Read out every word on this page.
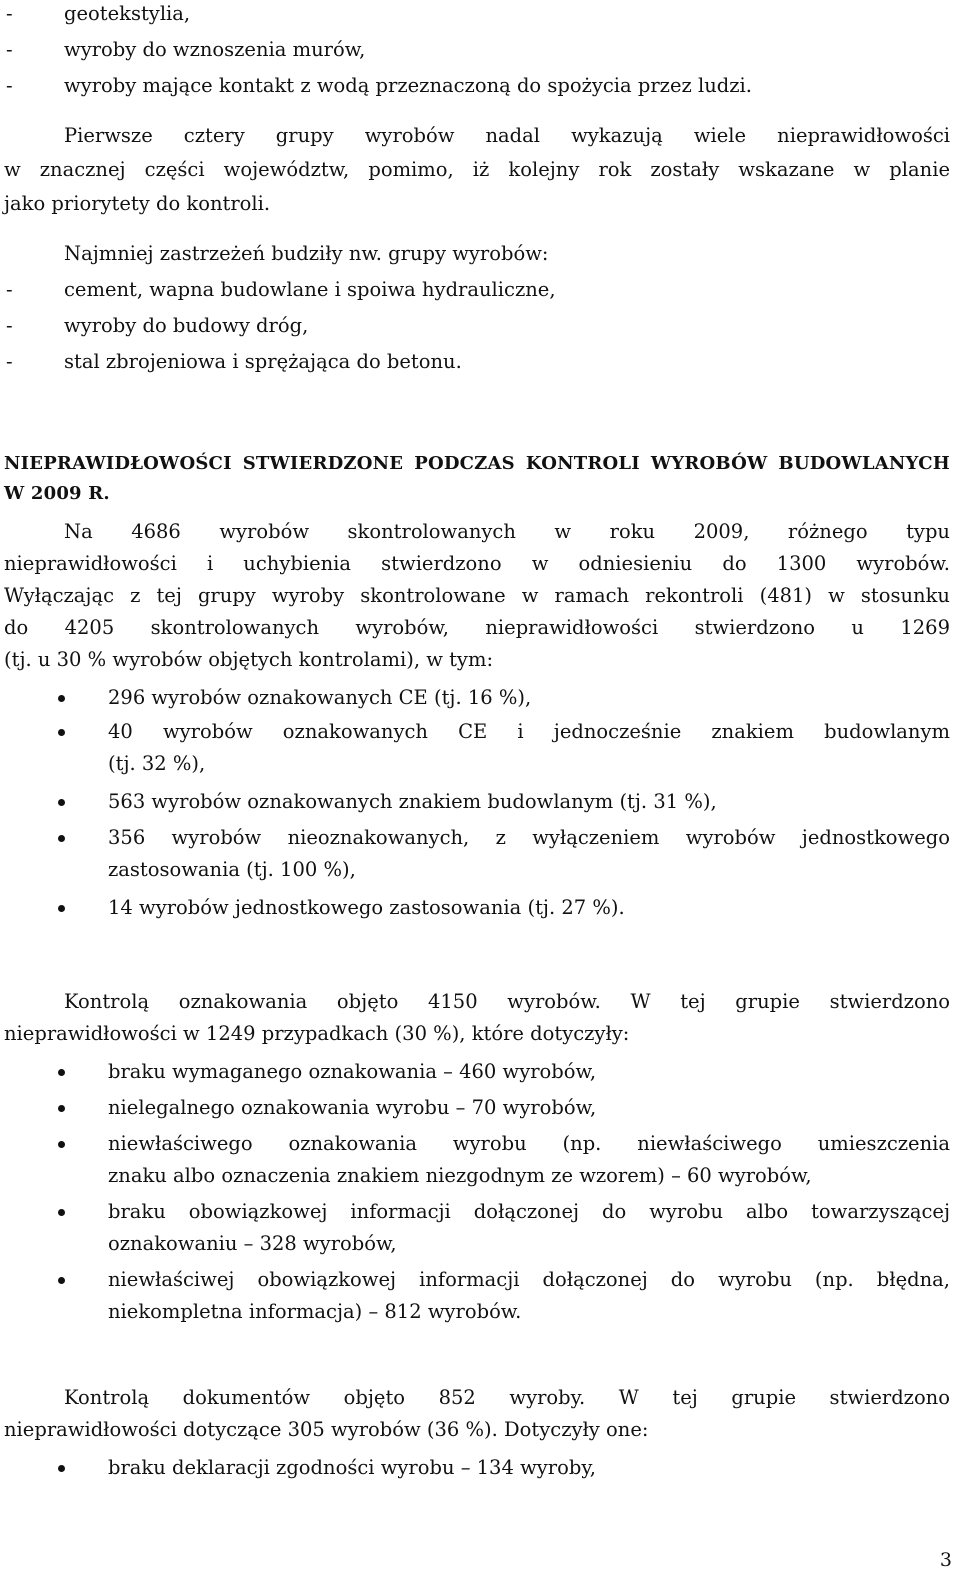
-	geotekstylia,
-	wyroby do wznoszenia murów,
-	wyroby mające kontakt z wodą przeznaczoną do spożycia przez ludzi.
Pierwsze cztery grupy wyrobów nadal wykazują wiele nieprawidłowości
w znacznej części województw, pomimo, iż kolejny rok zostały wskazane w planie
jako priorytety do kontroli.
Najmniej zastrzeżeń budziły nw. grupy wyrobów:
-	cement, wapna budowlane i spoiwa hydrauliczne,
-	wyroby do budowy dróg,
-	stal zbrojeniowa i sprężająca do betonu.
NIEPRAWIDŁOWOŚCI STWIERDZONE PODCZAS KONTROLI WYROBÓW BUDOWLANYCH
W 2009 R.
Na 4686 wyrobów skontrolowanych w roku 2009, różnego typu
nieprawidłowości i uchybienia stwierdzono w odniesieniu do 1300 wyrobów.
Wyłączając z tej grupy wyroby skontrolowane w ramach rekontroli (481) w stosunku
do 4205 skontrolowanych wyrobów, nieprawidłowości stwierdzono u 1269
(tj. u 30 % wyrobów objętych kontrolami), w tym:
296 wyrobów oznakowanych CE (tj. 16 %),
40 wyrobów oznakowanych CE i jednocześnie znakiem budowlanym
(tj. 32 %),
563 wyrobów oznakowanych znakiem budowlanym (tj. 31 %),
356 wyrobów nieoznakowanych, z wyłączeniem wyrobów jednostkowego
zastosowania (tj. 100 %),
14 wyrobów jednostkowego zastosowania (tj. 27 %).
Kontrolą oznakowania objęto 4150 wyrobów. W tej grupie stwierdzono
nieprawidłowości w 1249 przypadkach (30 %), które dotyczyły:
braku wymaganego oznakowania – 460 wyrobów,
nielegalnego oznakowania wyrobu – 70 wyrobów,
niewłaściwego oznakowania wyrobu (np. niewłaściwego umieszczenia
znaku albo oznaczenia znakiem niezgodnym ze wzorem) – 60 wyrobów,
braku obowiązkowej informacji dołączonej do wyrobu albo towarzyszącej
oznakowaniu – 328 wyrobów,
niewłaściwej obowiązkowej informacji dołączonej do wyrobu (np. błędna,
niekompletna informacja) – 812 wyrobów.
Kontrolą dokumentów objęto 852 wyroby. W tej grupie stwierdzono
nieprawidłowości dotyczące 305 wyrobów (36 %). Dotyczyły one:
braku deklaracji zgodności wyrobu – 134 wyroby,
3
